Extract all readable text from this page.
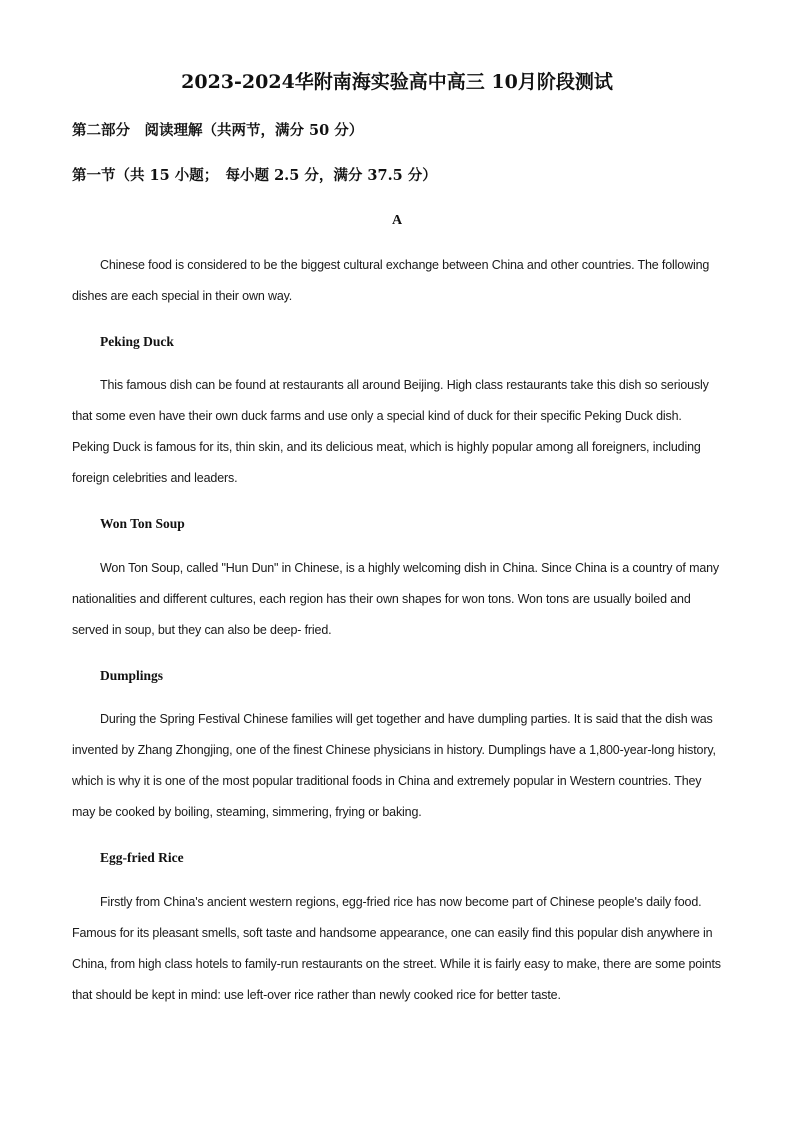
2023-2024华附南海实验高中高三 10月阶段测试
第二部分　阅读理解（共两节，满分 50 分）
第一节（共 15 小题；　每小题 2.5 分，满分 37.5 分）
A

Chinese food is considered to be the biggest cultural exchange between China and other countries. The following dishes are each special in their own way.

Peking Duck

This famous dish can be found at restaurants all around Beijing. High class restaurants take this dish so seriously that some even have their own duck farms and use only a special kind of duck for their specific Peking Duck dish. Peking Duck is famous for its, thin skin, and its delicious meat, which is highly popular among all foreigners, including foreign celebrities and leaders.

Won Ton Soup

Won Ton Soup, called "Hun Dun" in Chinese, is a highly welcoming dish in China. Since China is a country of many nationalities and different cultures, each region has their own shapes for won tons. Won tons are usually boiled and served in soup, but they can also be deep- fried.

Dumplings

During the Spring Festival Chinese families will get together and have dumpling parties. It is said that the dish was invented by Zhang Zhongjing, one of the finest Chinese physicians in history. Dumplings have a 1,800-year-long history, which is why it is one of the most popular traditional foods in China and extremely popular in Western countries. They may be cooked by boiling, steaming, simmering, frying or baking.

Egg-fried Rice

Firstly from China's ancient western regions, egg-fried rice has now become part of Chinese people's daily food. Famous for its pleasant smells, soft taste and handsome appearance, one can easily find this popular dish anywhere in China, from high class hotels to family-run restaurants on the street. While it is fairly easy to make, there are some points that should be kept in mind: use left-over rice rather than newly cooked rice for better taste.
